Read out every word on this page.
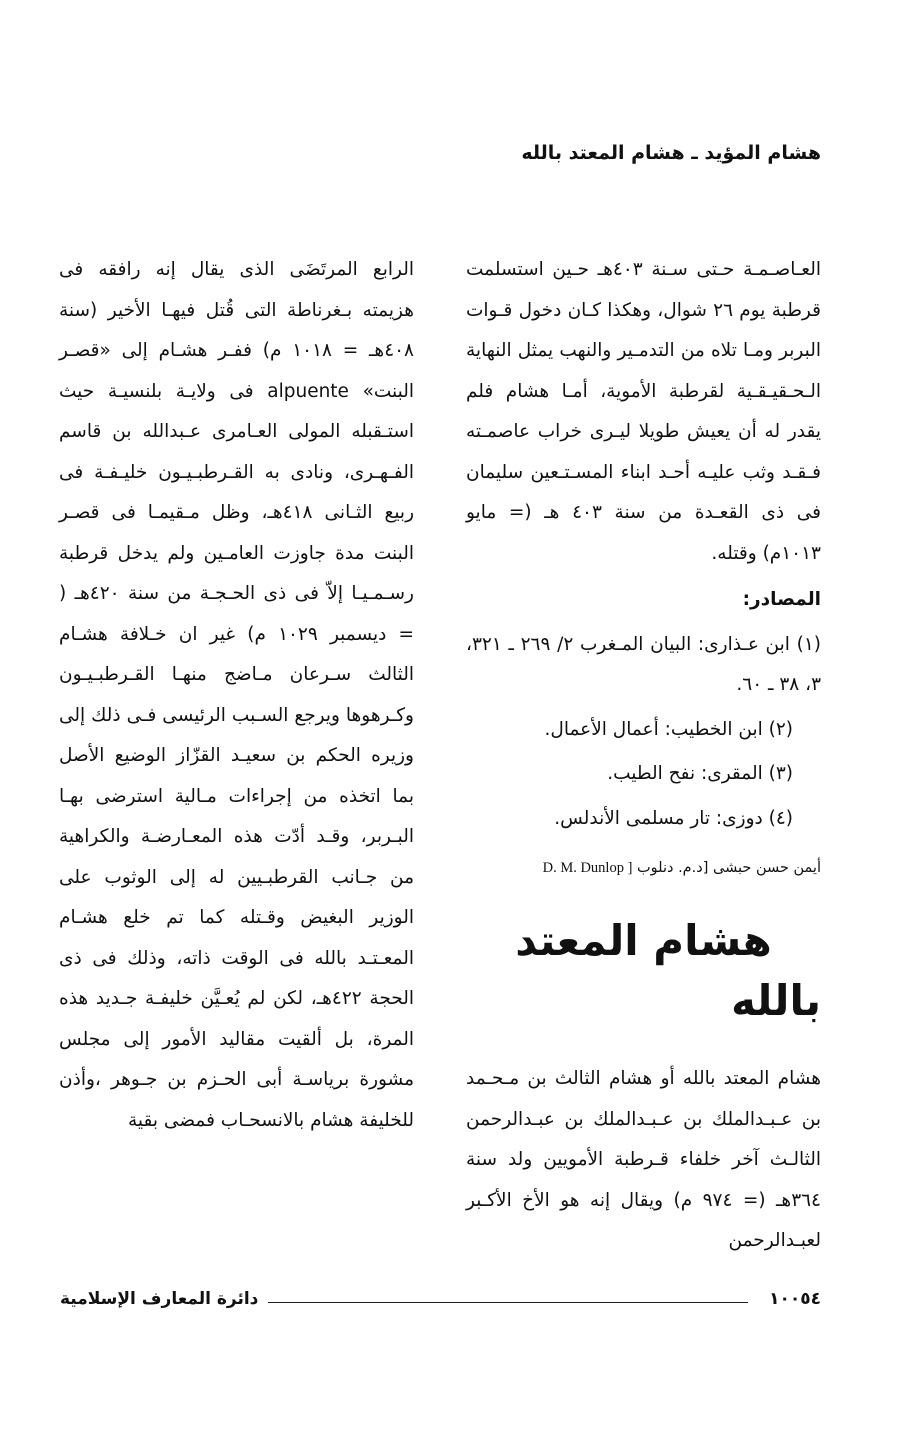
هشام المؤيد ـ هشام المعتد بالله

العـاصـمـة حـتى سـنة ٤٠٣هـ حـين استسلمت قرطبة يوم ٢٦ شوال، وهكذا كـان دخول قـوات البربر ومـا تلاه من التدمـير والنهب يمثل النهاية الـحـقيـقـية لقرطبة الأموية، أمـا هشام فلم يقدر له أن يعيش طويلا ليـرى خراب عاصمـته فـقـد وثب عليـه أحـد ابناء المسـتـعين سليمان فى ذى القعـدة من سنة ٤٠٣ هـ (= مايو ١٠١٣م) وقتله.

المصادر:

(١) ابن عـذارى: البيان المـغرب ٢/ ٢٦٩ ـ ٣٢١، ٣، ٣٨ ـ ٦٠.

(٢) ابن الخطيب: أعمال الأعمال.

(٣) المقرى: نفح الطيب.

(٤) دوزى: تار مسلمى الأندلس.

أيمن حسن حبشى [د.م. دنلوب D. M. Dunlop ]

هشام المعتد بالله

هشام المعتد بالله أو هشام الثالث بن مـحـمد بن عـبـدالملك بن عـبـدالملك بن عبـدالرحمن الثالـث آخر خلفاء قـرطبة الأمويين ولد سنة ٣٦٤هـ (= ٩٧٤ م) ويقال إنه هو الأخ الأكـبر لعبـدالرحمن

الرابع المرتَضَى الذى يقال إنه رافقه فى هزيمته بـغرناطة التى قُتل فيهـا الأخير (سنة ٤٠٨هـ = ١٠١٨ م) ففـر هشـام إلى «قصـر البنت» alpuente فى ولايـة بلنسيـة حيث استـقبله المولى العـامرى عـبدالله بن قاسم الفـهـرى، ونادى به القـرطبـيـون خليـفـة فى ربيع الثـانى ٤١٨هـ، وظل مـقيمـا فى قصـر البنت مدة جاوزت العامـين ولم يدخل قرطبة رسـمـيـا إلاّ فى ذى الحـجـة من سنة ٤٢٠هـ ( = ديسمبر ١٠٢٩ م) غير ان خـلافة هشـام الثالث سـرعان مـاضج منهـا القـرطبـيـون وكـرهوها ويرجع السـبب الرئيسى فـى ذلك إلى وزيره الحكم بن سعيـد القزّاز الوضيع الأصل بما اتخذه من إجراءات مـالية استرضى بهـا البـربر، وقـد أدّت هذه المعـارضـة والكراهية من جـانب القرطبـيين له إلى الوثوب على الوزير البغيض وقـتله كما تم خلع هشـام المعـتـد بالله فى الوقت ذاته، وذلك فى ذى الحجة ٤٢٢هـ، لكن لم يُعـيَّن خليفـة جـديد هذه المرة، بل ألقيت مقاليد الأمور إلى مجلس مشورة برياسـة أبى الحـزم بن جـوهر ،وأذن للخليفة هشام بالانسحـاب فمضى بقية

١٠٠٥٤
دائرة المعارف الإسلامية
